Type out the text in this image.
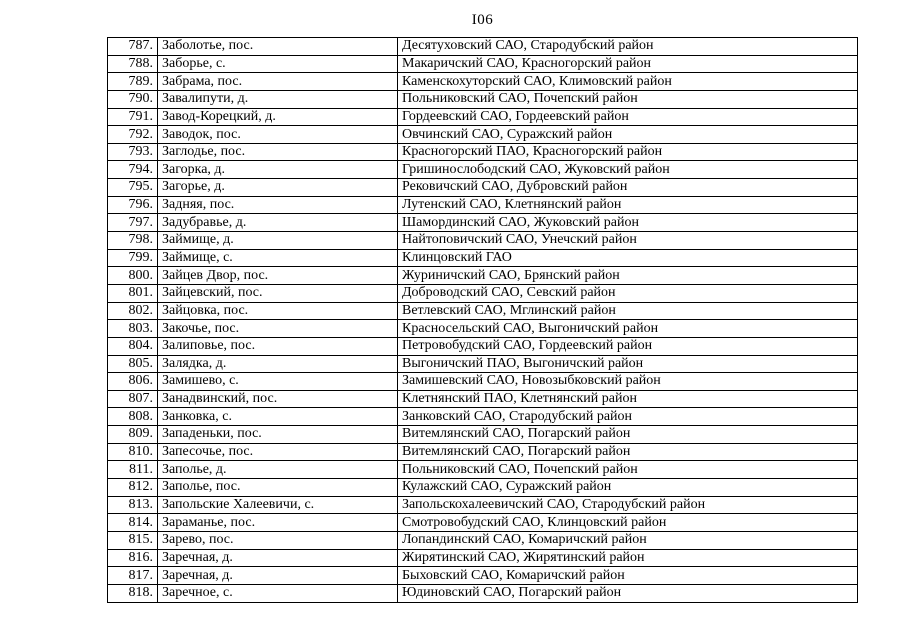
I06
787.	Заболотье, пос.	Десятуховский САО, Стародубский район
788.	Заборье, с.	Макаричский САО, Красногорский район
789.	Забрама, пос.	Каменскохуторский САО, Климовский район
790.	Завалипути, д.	Польниковский САО, Почепский район
791.	Завод-Корецкий, д.	Гордеевский САО, Гордеевский район
792.	Заводок, пос.	Овчинский САО, Суражский район
793.	Заглодье, пос.	Красногорский ПАО, Красногорский район
794.	Загорка, д.	Гришинослободский САО, Жуковский район
795.	Загорье, д.	Рековичский САО, Дубровский район
796.	Задняя, пос.	Лутенский САО, Клетнянский район
797.	Задубравье, д.	Шамординский САО, Жуковский район
798.	Займище, д.	Найтоповичский САО, Унечский район
799.	Займище, с.	Клинцовский ГАО
800.	Зайцев Двор, пос.	Журиничский САО, Брянский район
801.	Зайцевский, пос.	Доброводский САО, Севский район
802.	Зайцовка, пос.	Ветлевский САО, Мглинский район
803.	Закочье, пос.	Красносельский САО, Выгоничский район
804.	Залиповье, пос.	Петровобудский САО, Гордеевский район
805.	Залядка, д.	Выгоничский ПАО, Выгоничский район
806.	Замишево, с.	Замишевский САО, Новозыбковский район
807.	Занадвинский, пос.	Клетнянский ПАО, Клетнянский район
808.	Занковка, с.	Занковский САО, Стародубский район
809.	Западеньки, пос.	Витемлянский САО, Погарский район
810.	Запесочье, пос.	Витемлянский САО, Погарский район
811.	Заполье, д.	Польниковский САО, Почепский район
812.	Заполье, пос.	Кулажский САО, Суражский район
813.	Запольские Халеевичи, с.	Запольскохалеевичский САО, Стародубский район
814.	Зараманье, пос.	Смотровобудский САО, Клинцовский район
815.	Зарево, пос.	Лопандинский САО, Комаричский район
816.	Заречная, д.	Жирятинский САО, Жирятинский район
817.	Заречная, д.	Быховский САО, Комаричский район
818.	Заречное, с.	Юдиновский САО, Погарский район
